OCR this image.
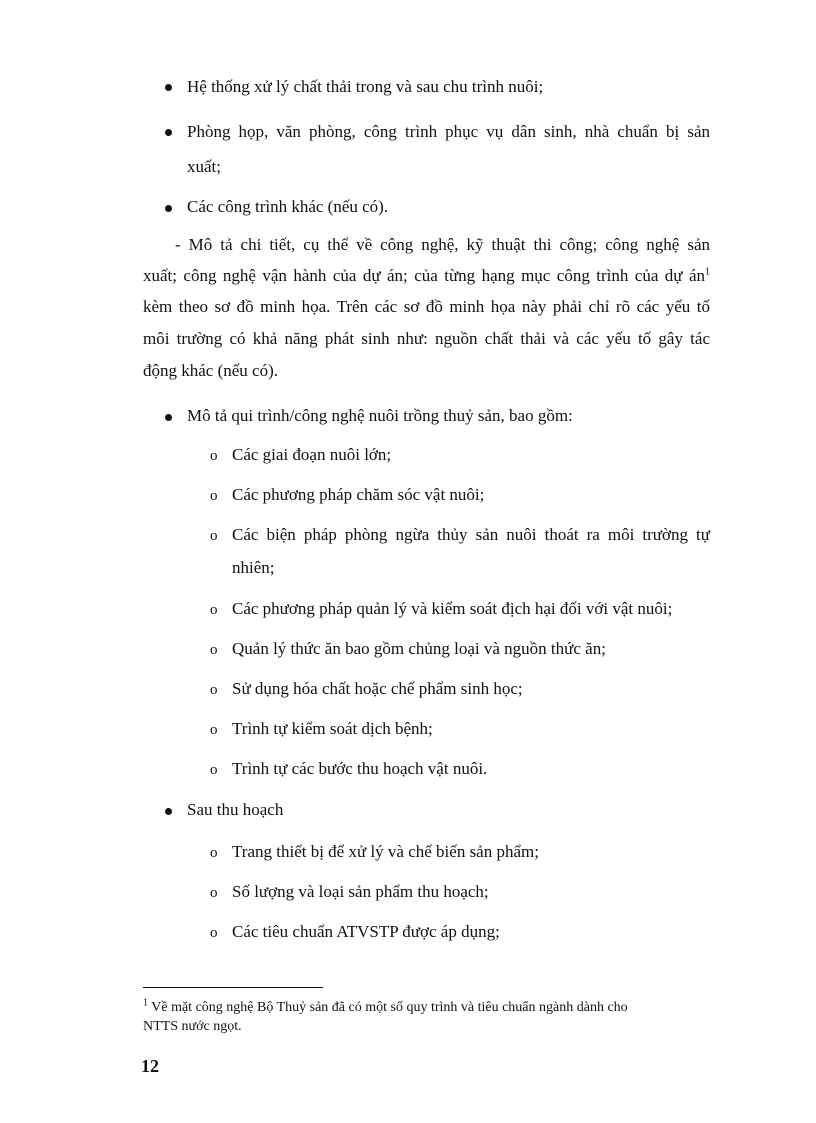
Hệ thống xử lý chất thải trong và sau chu trình nuôi;
Phòng họp, văn phòng, công trình phục vụ dân sinh, nhà chuẩn bị sản
xuất;
Các công trình khác (nếu có).
- Mô tả chi tiết, cụ thể về công nghệ, kỹ thuật thi công; công nghệ sản
xuất; công nghệ vận hành của dự án; của từng hạng mục công trình của dự $án^1$
kèm theo sơ đồ minh họa. Trên các sơ đồ minh họa này phải chỉ rõ các yếu tố
môi trường có khả năng phát sinh như: nguồn chất thải và các yếu tố gây tác
động khác (nếu có).
Mô tả qui trình/công nghệ nuôi trồng thuỷ sản, bao gồm:
o Các giai đoạn nuôi lớn;
o Các phương pháp chăm sóc vật nuôi;
o Các biện pháp phòng ngừa thủy sản nuôi thoát ra môi trường tự
nhiên;
o Các phương pháp quản lý và kiểm soát địch hại đối với vật nuôi;
o Quản lý thức ăn bao gồm chủng loại và nguồn thức ăn;
o Sử dụng hóa chất hoặc chế phẩm sinh học;
o Trình tự kiểm soát dịch bệnh;
o Trình tự các bước thu hoạch vật nuôi.
Sau thu hoạch
o Trang thiết bị để xử lý và chế biến sản phẩm;
o Số lượng và loại sản phẩm thu hoạch;
o Các tiêu chuẩn ATVSTP được áp dụng;
$^1$ Về mặt công nghệ Bộ Thuỷ sản đã có một số quy trình và tiêu chuẩn ngành dành cho
NTTS nước ngọt.
12
